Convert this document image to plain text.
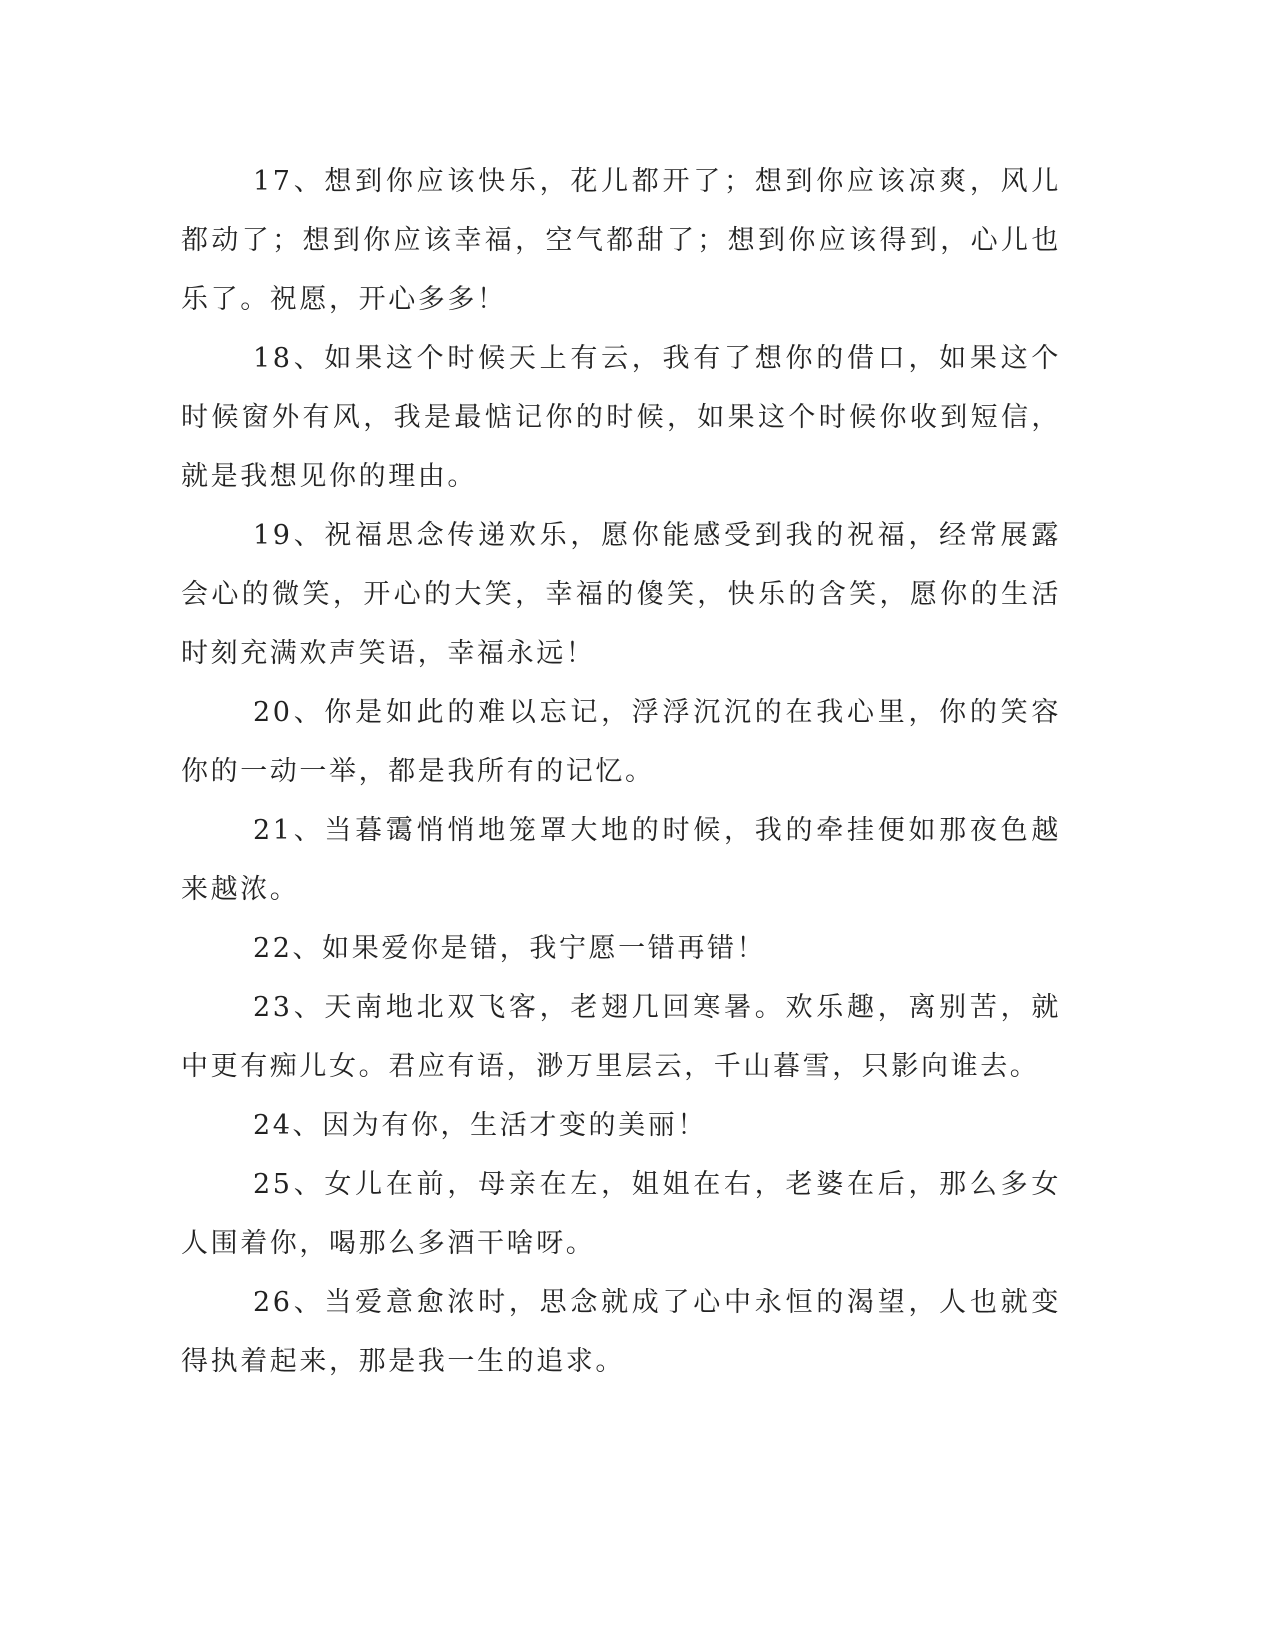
17、想到你应该快乐，花儿都开了；想到你应该凉爽，风儿都动了；想到你应该幸福，空气都甜了；想到你应该得到，心儿也乐了。祝愿，开心多多！

18、如果这个时候天上有云，我有了想你的借口，如果这个时候窗外有风，我是最惦记你的时候，如果这个时候你收到短信，就是我想见你的理由。

19、祝福思念传递欢乐，愿你能感受到我的祝福，经常展露会心的微笑，开心的大笑，幸福的傻笑，快乐的含笑，愿你的生活时刻充满欢声笑语，幸福永远！

20、你是如此的难以忘记，浮浮沉沉的在我心里，你的笑容你的一动一举，都是我所有的记忆。

21、当暮霭悄悄地笼罩大地的时候，我的牵挂便如那夜色越来越浓。

22、如果爱你是错，我宁愿一错再错！

23、天南地北双飞客，老翅几回寒暑。欢乐趣，离别苦，就中更有痴儿女。君应有语，渺万里层云，千山暮雪，只影向谁去。

24、因为有你，生活才变的美丽！

25、女儿在前，母亲在左，姐姐在右，老婆在后，那么多女人围着你，喝那么多酒干啥呀。

26、当爱意愈浓时，思念就成了心中永恒的渴望，人也就变得执着起来，那是我一生的追求。
